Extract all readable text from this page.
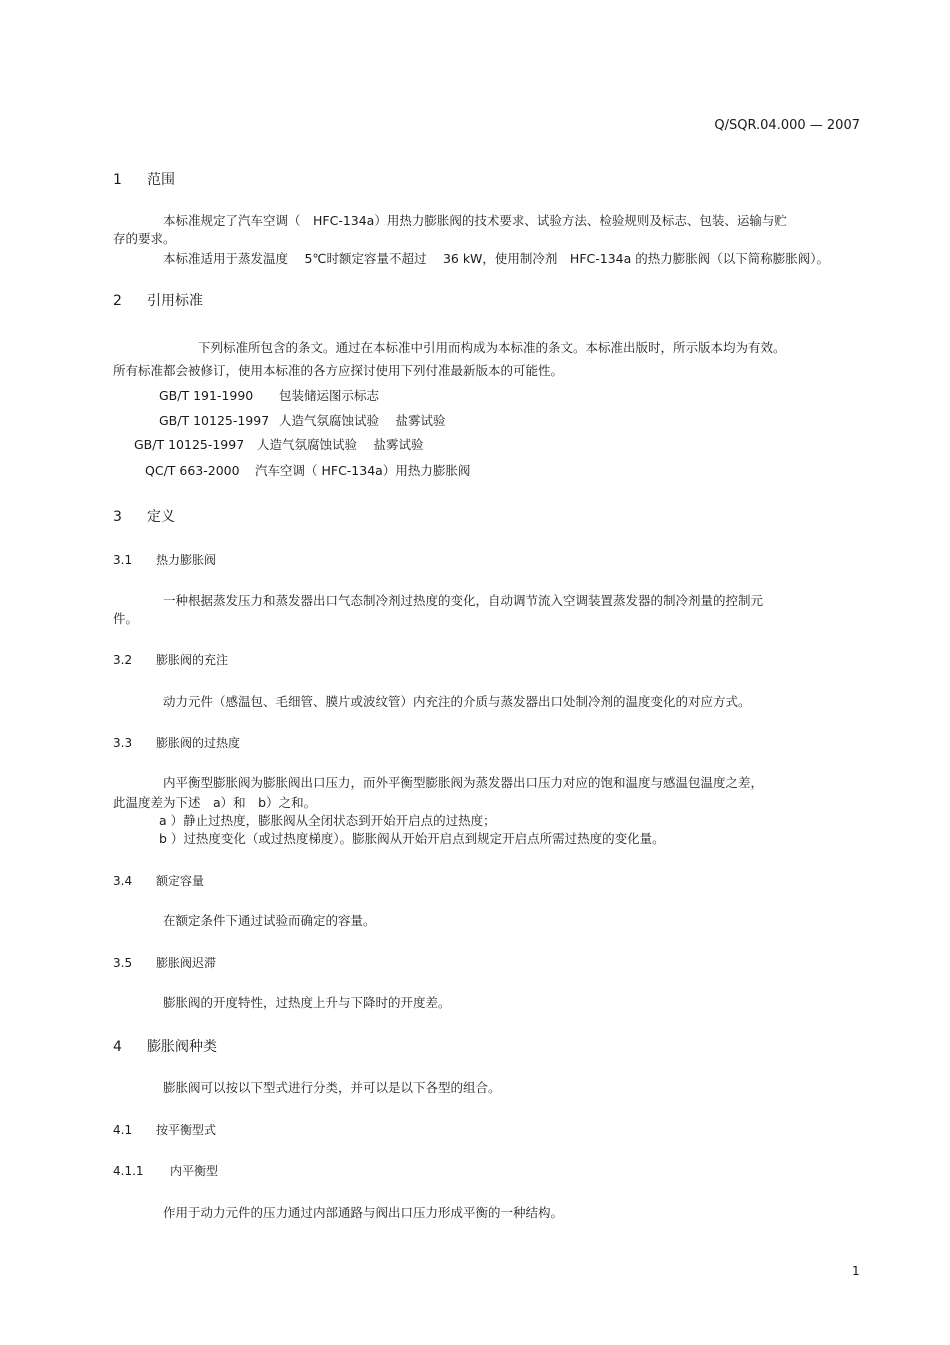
Q/SQR.04.000 — 2007
1 范围
本标准规定了汽车空调（　HFC-134a）用热力膨胀阀的技术要求、试验方法、检验规则及标志、包装、运输与贮
存的要求。
本标准适用于蒸发温度　 5℃时额定容量不超过　 36 kW，使用制冷剂　HFC-134a 的热力膨胀阀（以下简称膨胀阀）。
2 引用标准
下列标准所包含的条文。通过在本标准中引用而构成为本标准的条文。本标准出版时，所示版本均为有效。
所有标准都会被修订，使用本标准的各方应探讨使用下列付准最新版本的可能性。
GB/T 191-1990 包装储运图示标志
GB/T 10125-1997 人造气氛腐蚀试验　 盐雾试验
GB/T 10125-1997 人造气氛腐蚀试验　 盐雾试验
QC/T 663-2000 汽车空调（ HFC-134a）用热力膨胀阀
3 定义
3.1 热力膨胀阀
一种根据蒸发压力和蒸发器出口气态制冷剂过热度的变化，自动调节流入空调装置蒸发器的制冷剂量的控制元
件。
3.2 膨胀阀的充注
动力元件（感温包、毛细管、膜片或波纹管）内充注的介质与蒸发器出口处制冷剂的温度变化的对应方式。
3.3 膨胀阀的过热度
内平衡型膨胀阀为膨胀阀出口压力，而外平衡型膨胀阀为蒸发器出口压力对应的饱和温度与感温包温度之差，
此温度差为下述　a）和　b）之和。
a ）静止过热度，膨胀阀从全闭状态到开始开启点的过热度；
b ）过热度变化（或过热度梯度）。膨胀阀从开始开启点到规定开启点所需过热度的变化量。
3.4 额定容量
在额定条件下通过试验而确定的容量。
3.5 膨胀阀迟滞
膨胀阀的开度特性，过热度上升与下降时的开度差。
4 膨胀阀种类
膨胀阀可以按以下型式进行分类，并可以是以下各型的组合。
4.1 按平衡型式
4.1.1 内平衡型
作用于动力元件的压力通过内部通路与阀出口压力形成平衡的一种结构。
1
